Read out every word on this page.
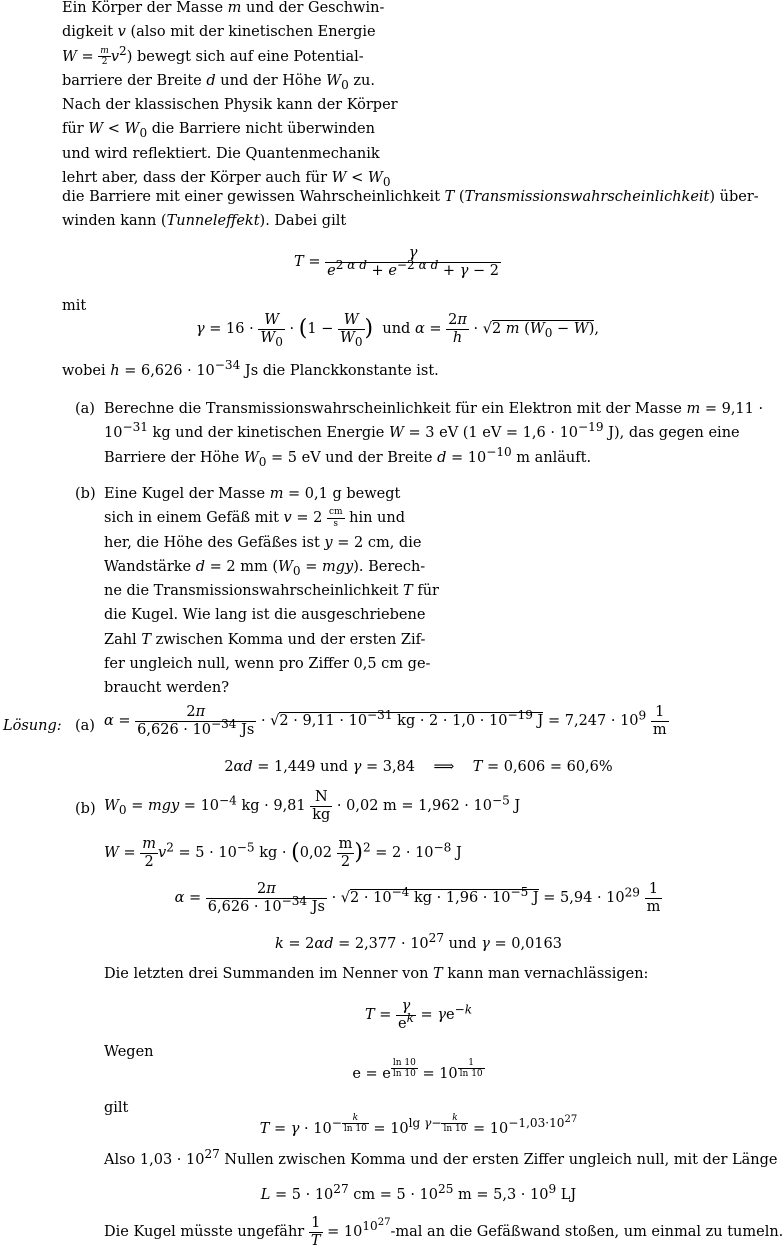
Ein Körper der Masse m und der Geschwin-
digkeit v (also mit der kinetischen Energie
$W = \frac{m}{2} v^2$) bewegt sich auf eine Potential-
barriere der Breite d und der Höhe $W_0$ zu.
Nach der klassischen Physik kann der Körper
für $W < W_0$ die Barriere nicht überwinden
und wird reflektiert. Die Quantenmechanik
lehrt aber, dass der Körper auch für $W < W_0$
die Barriere mit einer gewissen Wahrscheinlichkeit T (Transmissionswahrscheinlichkeit) über-
winden kann (Tunneleffekt). Dabei gilt
$T = \frac{\gamma}{e^{2 \alpha d} + e^{-2 \alpha d} + \gamma - 2}$
mit
$\gamma = 16 \cdot \frac{W}{W_0} \cdot (1 - \frac{W}{W_0}$ )  und $\alpha = \frac{2\pi}{h} \cdot √2$ m $(W_0 - W)$,
wobei $h = 6,626 \cdot 10^{-34}$ Js die Planckkonstante ist.
(a) Berechne die Transmissionswahrscheinlichkeit für ein Elektron mit der Masse m = 9,11 ·
$10^{-31}$ kg und der kinetischen Energie W = 3 eV (1 eV = $1,6 \cdot 10^{-19}$ J), das gegen eine
Barriere der Höhe $W_0 = 5$ eV und der Breite $d = 10^{-10}$ m anläuft.
(b) Eine Kugel der Masse m = 0,1 g bewegt
sich in einem Gefäß mit $v = 2 \frac{cm}{s}$ hin und
her, die Höhe des Gefäßes ist y = 2 cm, die
Wandstärke d = 2 mm $(W_0 = mgy)$. Berech-
ne die Transmissionswahrscheinlichkeit T für
die Kugel. Wie lang ist die ausgeschriebene
Zahl T zwischen Komma und der ersten Zif-
fer ungleich null, wenn pro Ziffer 0,5 cm ge-
braucht werden?
Lösung: (a) $\alpha = \frac{2\pi}{6,626 \cdot 10^{-34} Js} \cdot √2 \cdot 9,11 \cdot 10^{-31}$ kg · $2 \cdot 1,0 \cdot 10^{-19}$ $J = 7,247 \cdot 10^9 \frac{1}{m}$
2αd = 1,449 und γ = 3,84    ⟹    T = 0,606 = 60,6%
(b) $W_0$ = mgy = $10^{-4}$ kg · $9,81 \frac{N}{kg} \cdot 0,02$ $m = 1,962 \cdot 10^{-5}$ J
$W = \frac{m}{2} v^2 = 5 \cdot 10^{-5}$ kg · $(0,02 \frac{m}{2} )^2 = 2 \cdot 10^{-8}$ J
$\alpha = \frac{2\pi}{6,626 \cdot 10^{-34} Js} \cdot √2 \cdot 10^{-4}$ kg · $1,96 \cdot 10^{-5}$ $J = 5,94 \cdot 10^{29} \frac{1}{m}$
$k = 2\alpha d = 2,377 \cdot 10^{27}$ und γ = 0,0163
Die letzten drei Summanden im Nenner von T kann man vernachlässigen:
$T = \frac{\gamma}{e^k} = \gamma e^{-k}$
Wegen
e = e $^{\frac{\ln 10}{\ln 10}}$ = 10 $^{\frac{1}{\ln 10}}$
gilt
$T = \gamma \cdot 10^{- \frac{k}{\ln 10}} = 10^{lg \gamma- \frac{k}{\ln 10}} = 10^{-1,03\cdot 10^{27}}$
Also $1,03 \cdot 10^{27}$ Nullen zwischen Komma und der ersten Ziffer ungleich null, mit der Länge
$L = 5 \cdot 10^{27}$ cm = $5 \cdot 10^{25}$ $m = 5,3 \cdot 10^9$ LJ
Die Kugel müsste ungefähr $\frac{1}{T} = 10^{10^{27}}-mal$ an die Gefäßwand stoßen, um einmal zu tumeln.
